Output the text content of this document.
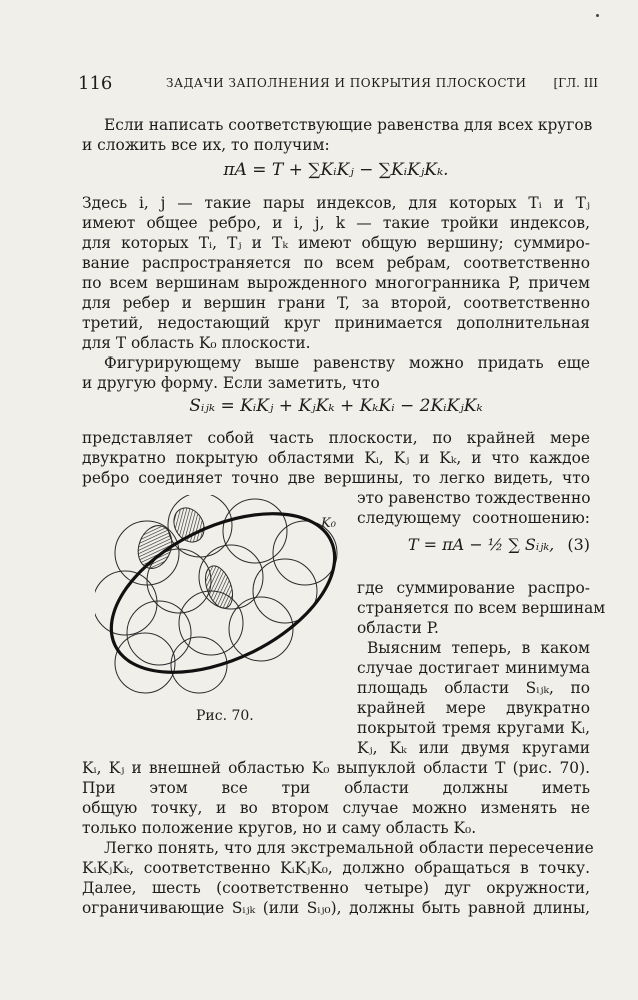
116	ЗАДАЧИ ЗАПОЛНЕНИЯ И ПОКРЫТИЯ ПЛОСКОСТИ [ГЛ. III
Если написать соответствующие равенства для всех кругов
и сложить все их, то получим:
πA = T + ∑KᵢKⱼ − ∑KᵢKⱼKₖ.
Здесь i, j — такие пары индексов, для которых Tᵢ и Tⱼ
имеют общее ребро, и i, j, k — такие тройки индексов,
для которых Tᵢ, Tⱼ и Tₖ имеют общую вершину; суммиро-
вание распространяется по всем ребрам, соответственно
по всем вершинам вырожденного многогранника P, причем
для ребер и вершин грани T, за второй, соответственно
третий, недостающий круг принимается дополнительная
для T область K₀ плоскости.
Фигурирующему выше равенству можно придать еще
и другую форму. Если заметить, что
Sᵢⱼₖ = KᵢKⱼ + KⱼKₖ + KₖKᵢ − 2KᵢKⱼKₖ
представляет собой часть плоскости, по крайней мере
двукратно покрытую областями Kᵢ, Kⱼ и Kₖ, и что каждое
ребро соединяет точно две вершины, то легко видеть, что
это равенство тождественно
следующему соотношению:
T = πA − ½ ∑ Sᵢⱼₖ, (3)
где суммирование распро-
страняется по всем вершинам
области P.
Выясним теперь, в каком
случае достигает минимума
площадь области Sᵢⱼₖ, по
крайней мере двукратно
покрытой тремя кругами Kᵢ,
Kⱼ, Kₖ или двумя кругами
K₀
Рис. 70.
Kᵢ, Kⱼ и внешней областью K₀ выпуклой области T (рис. 70).
При этом все три области должны иметь
общую точку, и во втором случае можно изменять не
только положение кругов, но и саму область K₀.
Легко понять, что для экстремальной области пересечение
KᵢKⱼKₖ, соответственно KᵢKⱼK₀, должно обращаться в точку.
Далее, шесть (соответственно четыре) дуг окружности,
ограничивающие Sᵢⱼₖ (или Sᵢⱼ₀), должны быть равной длины,
